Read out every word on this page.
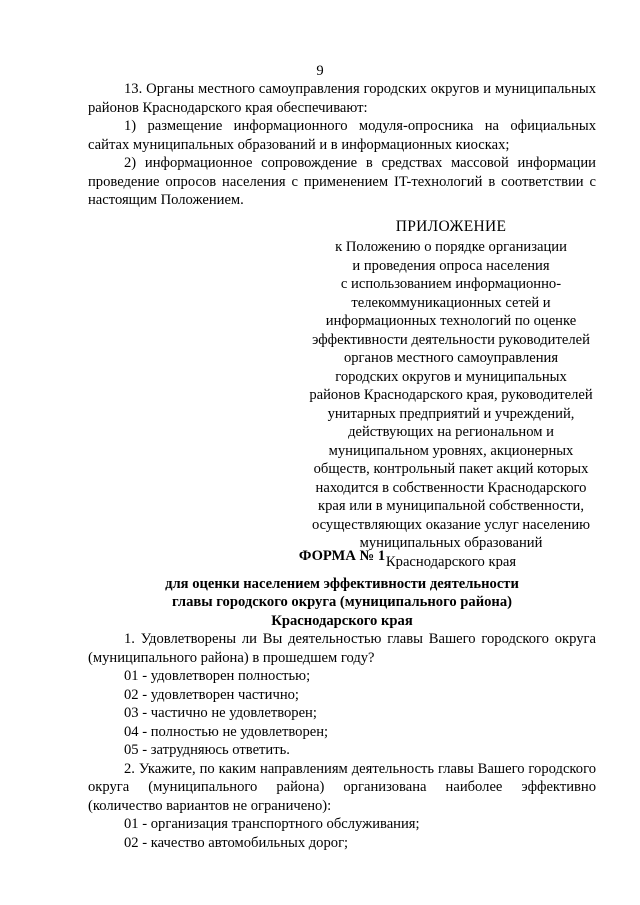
9

13. Органы местного самоуправления городских округов и муниципальных районов Краснодарского края обеспечивают:

1) размещение информационного модуля-опросника на официальных сайтах муниципальных образований и в информационных киосках;

2) информационное сопровождение в средствах массовой информации проведение опросов населения с применением IT-технологий в соответствии с настоящим Положением.

ПРИЛОЖЕНИЕ

к Положению о порядке организации

и проведения опроса населения

с использованием информационно-

телекоммуникационных сетей и

информационных технологий по оценке

эффективности деятельности руководителей

органов местного самоуправления

городских округов и муниципальных

районов Краснодарского края, руководителей

унитарных предприятий и учреждений,

действующих на региональном и

муниципальном уровнях, акционерных

обществ, контрольный пакет акций которых

находится в собственности Краснодарского

края или в муниципальной собственности,

осуществляющих оказание услуг населению

муниципальных образований

Краснодарского края

ФОРМА № 1
для оценки населением эффективности деятельности
главы городского округа (муниципального района)
Краснодарского края

1. Удовлетворены ли Вы деятельностью главы Вашего городского округа (муниципального района) в прошедшем году?

01 - удовлетворен полностью;

02 - удовлетворен частично;

03 - частично не удовлетворен;

04 - полностью не удовлетворен;

05 - затрудняюсь ответить.

2. Укажите, по каким направлениям деятельность главы Вашего городского округа (муниципального района) организована наиболее эффективно (количество вариантов не ограничено):

01 - организация транспортного обслуживания;

02 - качество автомобильных дорог;
